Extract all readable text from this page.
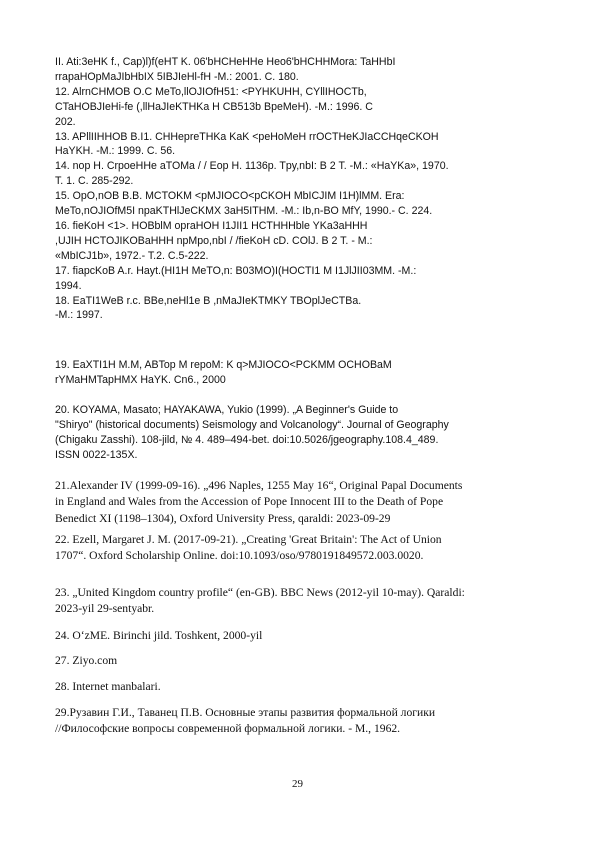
II. Ati:3eHK f., Cap)l)f(eHT K. 06'bHCHeHHe Heo6'bHCHHMora: TaHHbI
rrapaHOpMaJIbHbIX 5IBJIeHl-fH -M.: 2001. C. 180.
12. AlrnCHMOB O.C MeTo,llOJIOfH51: <PYHKUHH, CYllIHOCTb,
CTaHOBJIeHi-fe (,llHaJIeKTHKa H CB513b BpeMeH). -M.: 1996. C
202.
13. APllIIHHOB B.I1. CHHepreTHKa KaK <peHoMeH rrOCTHeKJIaCCHqeCKOH
HaYKH. -M.: 1999. C. 56.
14. nop H. CrpoeHHe aTOMa / / Eop H. 1136p. Tpy,nbI: B 2 T. -M.: «HaYKa», 1970.
T. 1. C. 285-292.
15. OpO,nOB B.B. MCTOKM <pMJIOCO<pCKOH MbICJIM I1H)lMM. Era:
MeTo,nOJIOfM5I npaKTHlJeCKMX 3aH5ITHM. -M.: Ib,n-BO MfY, 1990.- C. 224.
16. fieKoH <1>. HOBblM opraHOH I1JII1 HCTHHHble YKa3aHHH
,UJIH HCTOJIKOBaHHH npMpo,nbI / /fieKoH cD. COlJ. B 2 T. - M.:
«MbICJ1b», 1972.- T.2. C.5-222.
17. fiapcKoB A.r. Hayt.(HI1H MeTO,n: B03MO)I(HOCTI1 M I1JlJII03MM. -M.:
1994.
18. EaTI1WeB r.c. BBe,neHl1e B ,nMaJIeKTMKY TBOplJeCTBa.
-M.: 1997.

19. EaXTI1H M.M, ABTop M repoM: K q>MJIOCO<PCKMM OCHOBaM
rYMaHMTapHMX HaYK. Cn6., 2000

20. KOYAMA, Masato; HAYAKAWA, Yukio (1999). „A Beginner's Guide to
"Shiryo" (historical documents) Seismology and Volcanology“. Journal of Geography
(Chigaku Zasshi). 108-jild, № 4. 489–494-bet. doi:10.5026/jgeography.108.4_489.
ISSN 0022-135X.

21.Alexander IV (1999-09-16). „496 Naples, 1255 May 16“, Original Papal Documents
in England and Wales from the Accession of Pope Innocent III to the Death of Pope
Benedict XI (1198–1304), Oxford University Press, qaraldi: 2023-09-29

22. Ezell, Margaret J. M. (2017-09-21). „Creating 'Great Britain': The Act of Union
1707“. Oxford Scholarship Online. doi:10.1093/oso/9780191849572.003.0020.

23. „United Kingdom country profile“ (en-GB). BBC News (2012-yil 10-may). Qaraldi:
2023-yil 29-sentyabr.

24. O‘zME. Birinchi jild. Toshkent, 2000-yil

27. Ziyo.com

28. Internet manbalari.

29.Рузавин Г.И., Таванец П.В. Основные этапы развития формальной логики
//Философские вопросы современной формальной логики. - М., 1962.

29
